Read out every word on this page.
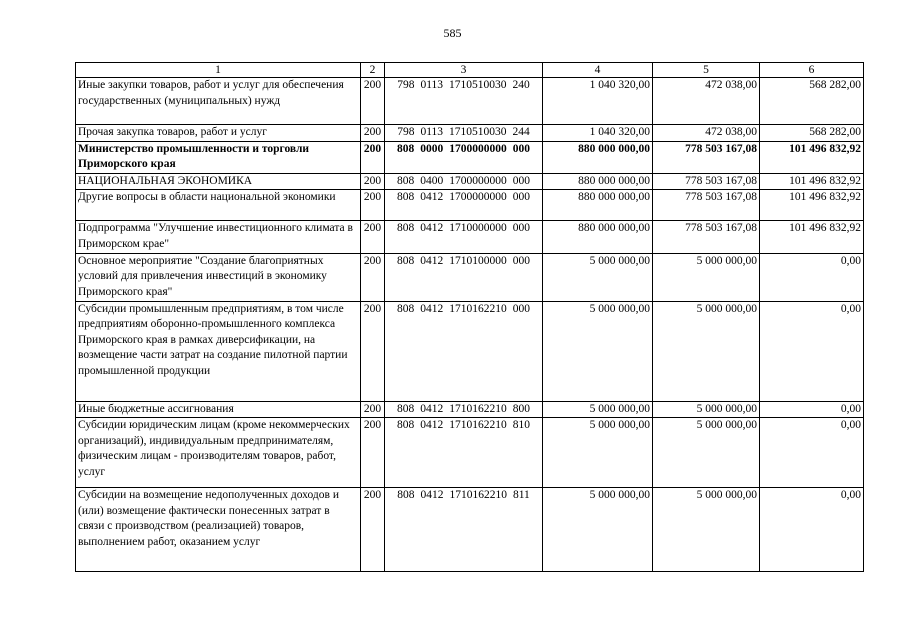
585
1	2	3	4	5	6
Иные закупки товаров, работ и услуг для обеспечения государственных (муниципальных) нужд	200	798 0113 1710510030 240	1 040 320,00	472 038,00	568 282,00
Прочая закупка товаров, работ и услуг	200	798 0113 1710510030 244	1 040 320,00	472 038,00	568 282,00
Министерство промышленности и торговли Приморского края	200	808 0000 1700000000 000	880 000 000,00	778 503 167,08	101 496 832,92
НАЦИОНАЛЬНАЯ ЭКОНОМИКА	200	808 0400 1700000000 000	880 000 000,00	778 503 167,08	101 496 832,92
Другие вопросы в области национальной экономики	200	808 0412 1700000000 000	880 000 000,00	778 503 167,08	101 496 832,92
Подпрограмма "Улучшение инвестиционного климата в Приморском крае"	200	808 0412 1710000000 000	880 000 000,00	778 503 167,08	101 496 832,92
Основное мероприятие "Создание благоприятных условий для привлечения инвестиций в экономику Приморского края"	200	808 0412 1710100000 000	5 000 000,00	5 000 000,00	0,00
Субсидии промышленным предприятиям, в том числе предприятиям оборонно-промышленного комплекса Приморского края в рамках диверсификации, на возмещение части затрат на создание пилотной партии промышленной продукции	200	808 0412 1710162210 000	5 000 000,00	5 000 000,00	0,00
Иные бюджетные ассигнования	200	808 0412 1710162210 800	5 000 000,00	5 000 000,00	0,00
Субсидии юридическим лицам (кроме некоммерческих организаций), индивидуальным предпринимателям, физическим лицам - производителям товаров, работ, услуг	200	808 0412 1710162210 810	5 000 000,00	5 000 000,00	0,00
Субсидии на возмещение недополученных доходов и (или) возмещение фактически понесенных затрат в связи с производством (реализацией) товаров, выполнением работ, оказанием услуг	200	808 0412 1710162210 811	5 000 000,00	5 000 000,00	0,00
